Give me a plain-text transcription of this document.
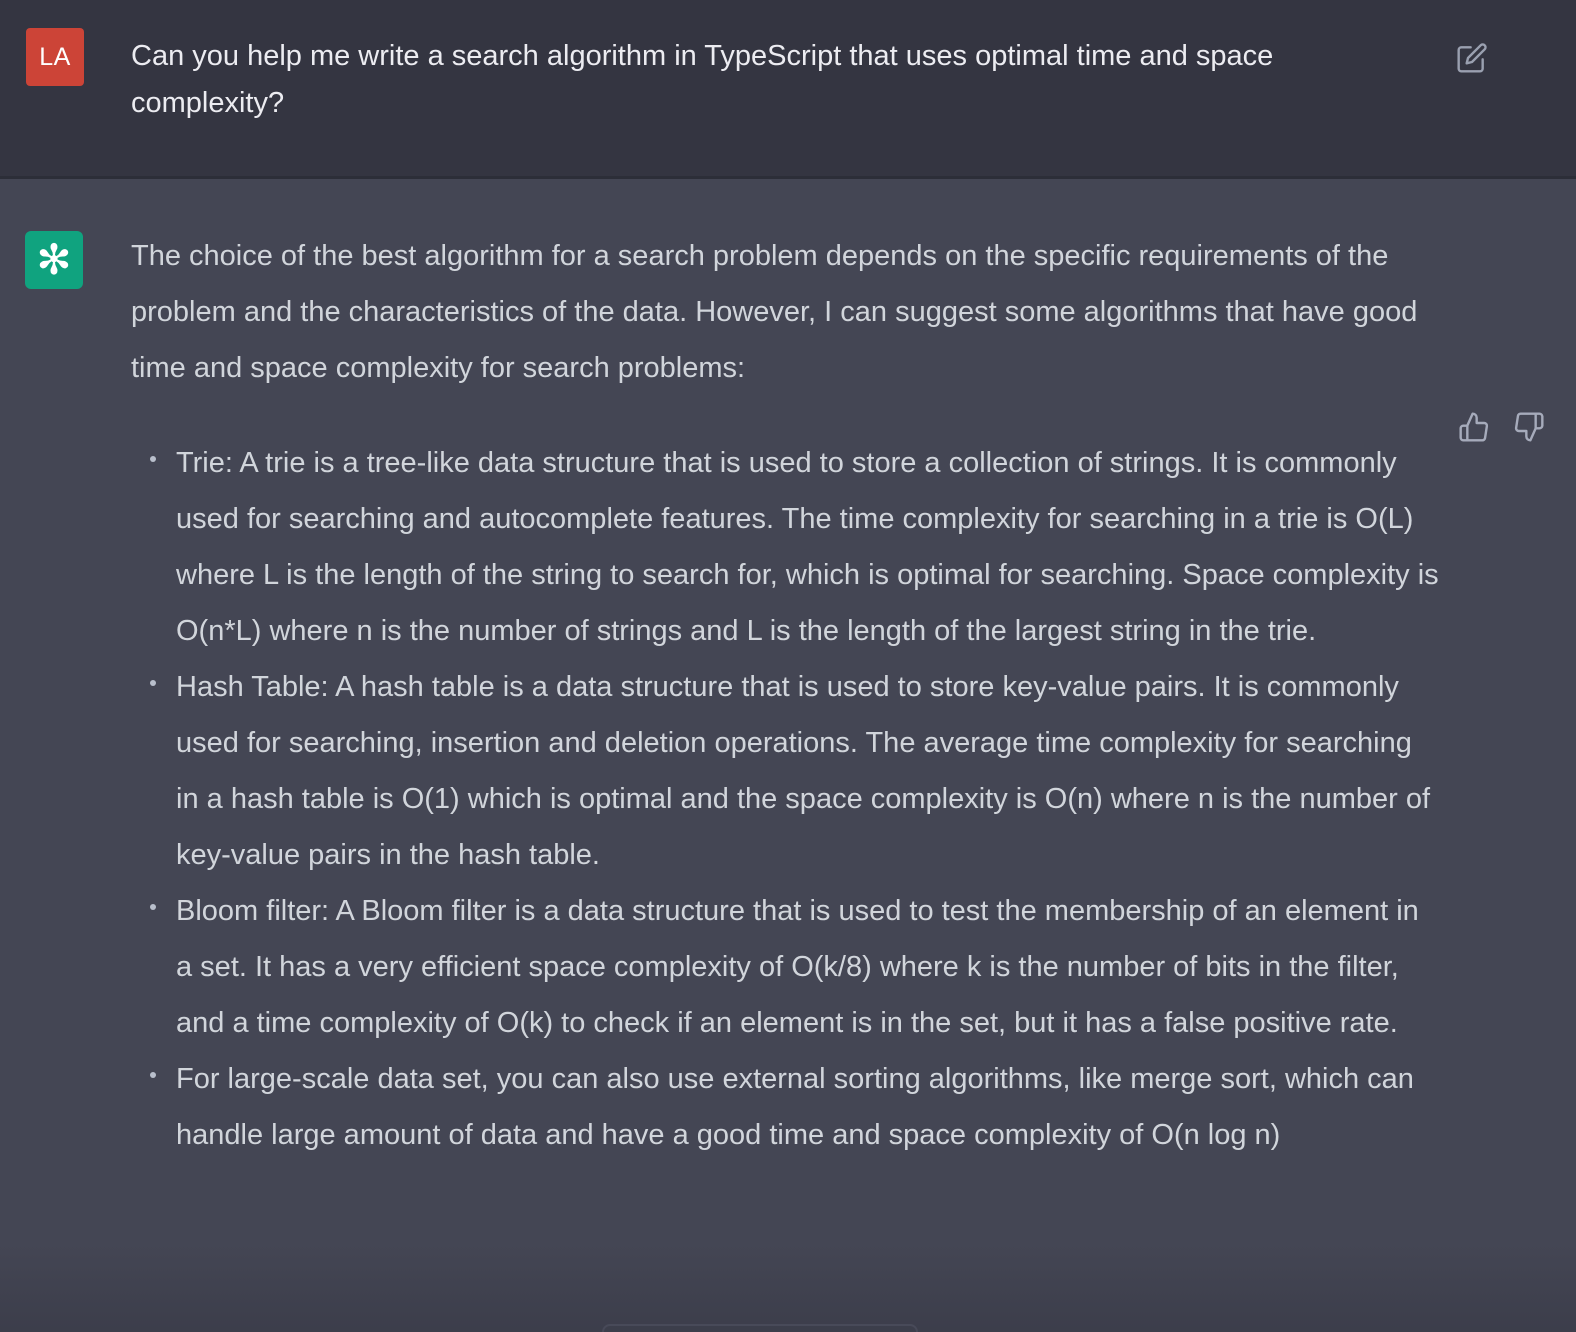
LA Can you help me write a search algorithm in TypeScript that uses optimal time and space complexity?
✻ The choice of the best algorithm for a search problem depends on the specific requirements of the problem and the characteristics of the data. However, I can suggest some algorithms that have good time and space complexity for search problems:

Trie: A trie is a tree-like data structure that is used to store a collection of strings. It is commonly used for searching and autocomplete features. The time complexity for searching in a trie is O(L) where L is the length of the string to search for, which is optimal for searching. Space complexity is O(n*L) where n is the number of strings and L is the length of the largest string in the trie.
Hash Table: A hash table is a data structure that is used to store key-value pairs. It is commonly used for searching, insertion and deletion operations. The average time complexity for searching in a hash table is O(1) which is optimal and the space complexity is O(n) where n is the number of key-value pairs in the hash table.
Bloom filter: A Bloom filter is a data structure that is used to test the membership of an element in a set. It has a very efficient space complexity of O(k/8) where k is the number of bits in the filter, and a time complexity of O(k) to check if an element is in the set, but it has a false positive rate.
For large-scale data set, you can also use external sorting algorithms, like merge sort, which can handle large amount of data and have a good time and space complexity of O(n log n)
